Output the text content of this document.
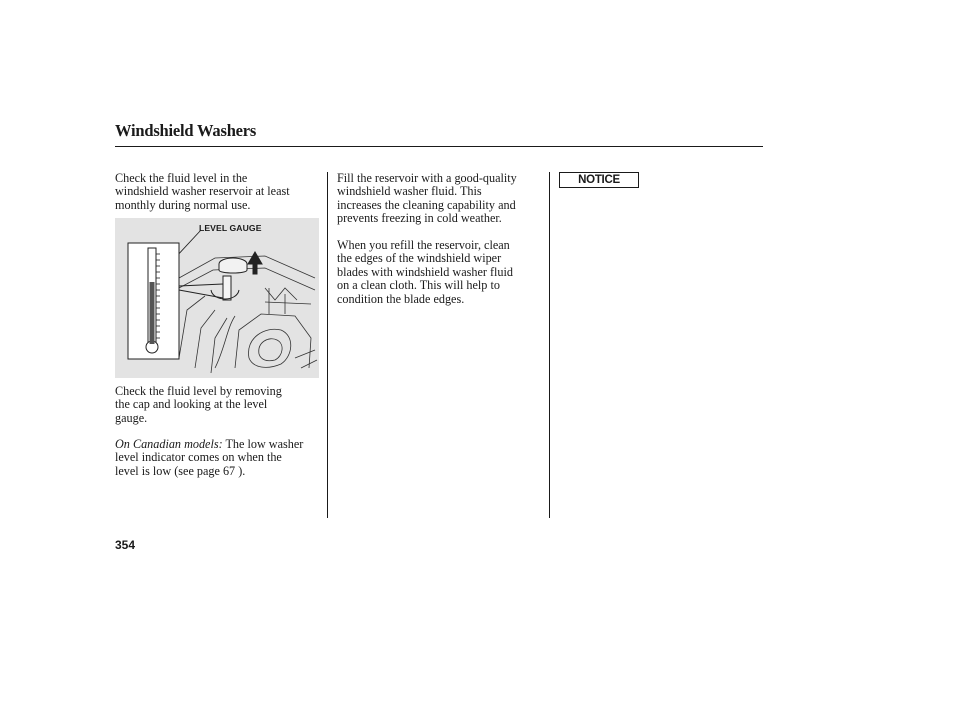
Windshield Washers

Check the fluid level in the
windshield washer reservoir at least
monthly during normal use.

LEVEL GAUGE

Check the fluid level by removing
the cap and looking at the level
gauge.

On Canadian models: The low washer
level indicator comes on when the
level is low (see page 67 ).

Fill the reservoir with a good-quality
windshield washer fluid. This
increases the cleaning capability and
prevents freezing in cold weather.

When you refill the reservoir, clean
the edges of the windshield wiper
blades with windshield washer fluid
on a clean cloth. This will help to
condition the blade edges.

NOTICE
354
